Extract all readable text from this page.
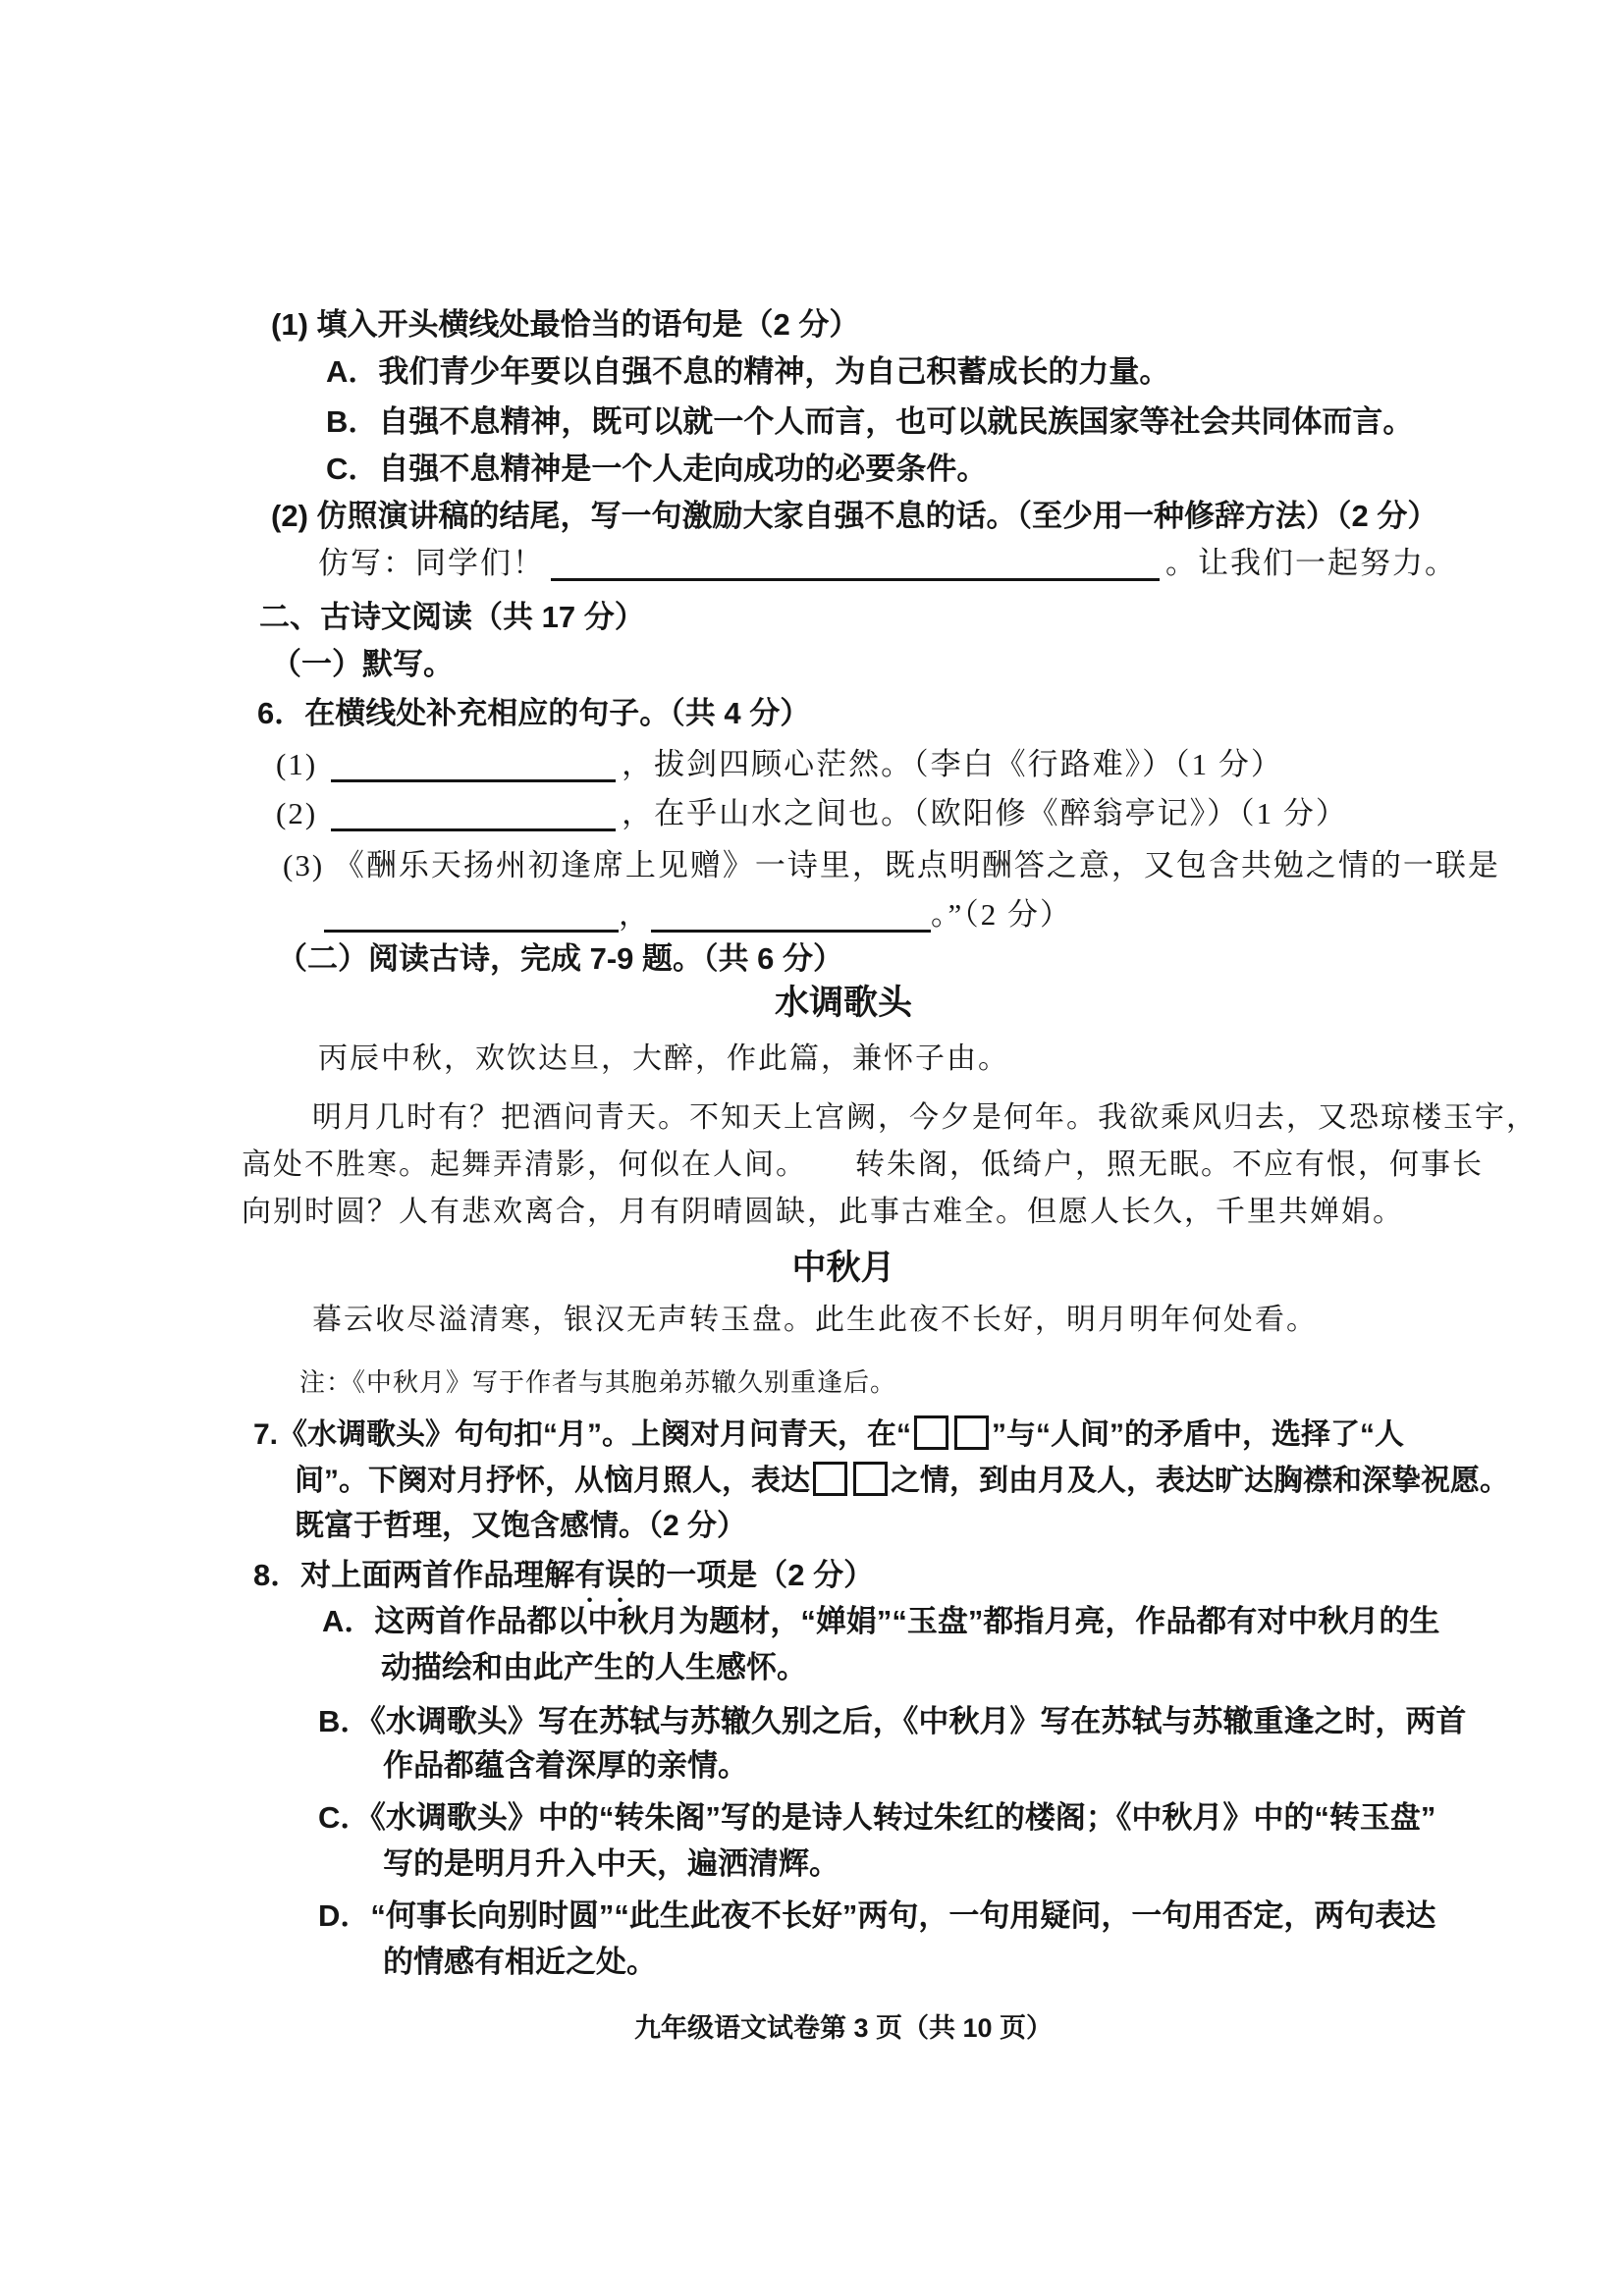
(1) 填入开头横线处最恰当的语句是（2 分）
A．我们青少年要以自强不息的精神，为自己积蓄成长的力量。
B．自强不息精神，既可以就一个人而言，也可以就民族国家等社会共同体而言。
C．自强不息精神是一个人走向成功的必要条件。
(2) 仿照演讲稿的结尾，写一句激励大家自强不息的话。（至少用一种修辞方法）（2 分）
仿写：同学们！	。让我们一起努力。
二、古诗文阅读（共 17 分）
（一）默写。
6．在横线处补充相应的句子。（共 4 分）
(1)	，拔剑四顾心茫然。（李白《行路难》）（1 分）
(2)	，在乎山水之间也。（欧阳修《醉翁亭记》）（1 分）
(3) 《酬乐天扬州初逢席上见赠》一诗里，既点明酬答之意，又包含共勉之情的一联是
，	。”（2 分）
（二）阅读古诗，完成 7-9 题。（共 6 分）
水调歌头
丙辰中秋，欢饮达旦，大醉，作此篇，兼怀子由。
明月几时有？把酒问青天。不知天上宫阙，今夕是何年。我欲乘风归去，又恐琼楼玉宇，
高处不胜寒。起舞弄清影，何似在人间。　　转朱阁，低绮户，照无眠。不应有恨，何事长
向别时圆？人有悲欢离合，月有阴晴圆缺，此事古难全。但愿人长久，千里共婵娟。
中秋月
暮云收尽溢清寒，银汉无声转玉盘。此生此夜不长好，明月明年何处看。
注：《中秋月》写于作者与其胞弟苏辙久别重逢后。
7.《水调歌头》句句扣“月”。上阕对月问青天，在“	”与“人间”的矛盾中，选择了“人
间”。下阕对月抒怀，从恼月照人，表达	之情，到由月及人，表达旷达胸襟和深挚祝愿。
既富于哲理，又饱含感情。（2 分）
8．对上面两首作品理解有误的一项是（2 分）
A．这两首作品都以中秋月为题材，“婵娟”“玉盘”都指月亮，作品都有对中秋月的生
动描绘和由此产生的人生感怀。
B．《水调歌头》写在苏轼与苏辙久别之后，《中秋月》写在苏轼与苏辙重逢之时，两首
作品都蕴含着深厚的亲情。
C．《水调歌头》中的“转朱阁”写的是诗人转过朱红的楼阁；《中秋月》中的“转玉盘”
写的是明月升入中天，遍洒清辉。
D．“何事长向别时圆”“此生此夜不长好”两句，一句用疑问，一句用否定，两句表达
的情感有相近之处。
九年级语文试卷第 3 页（共 10 页）
